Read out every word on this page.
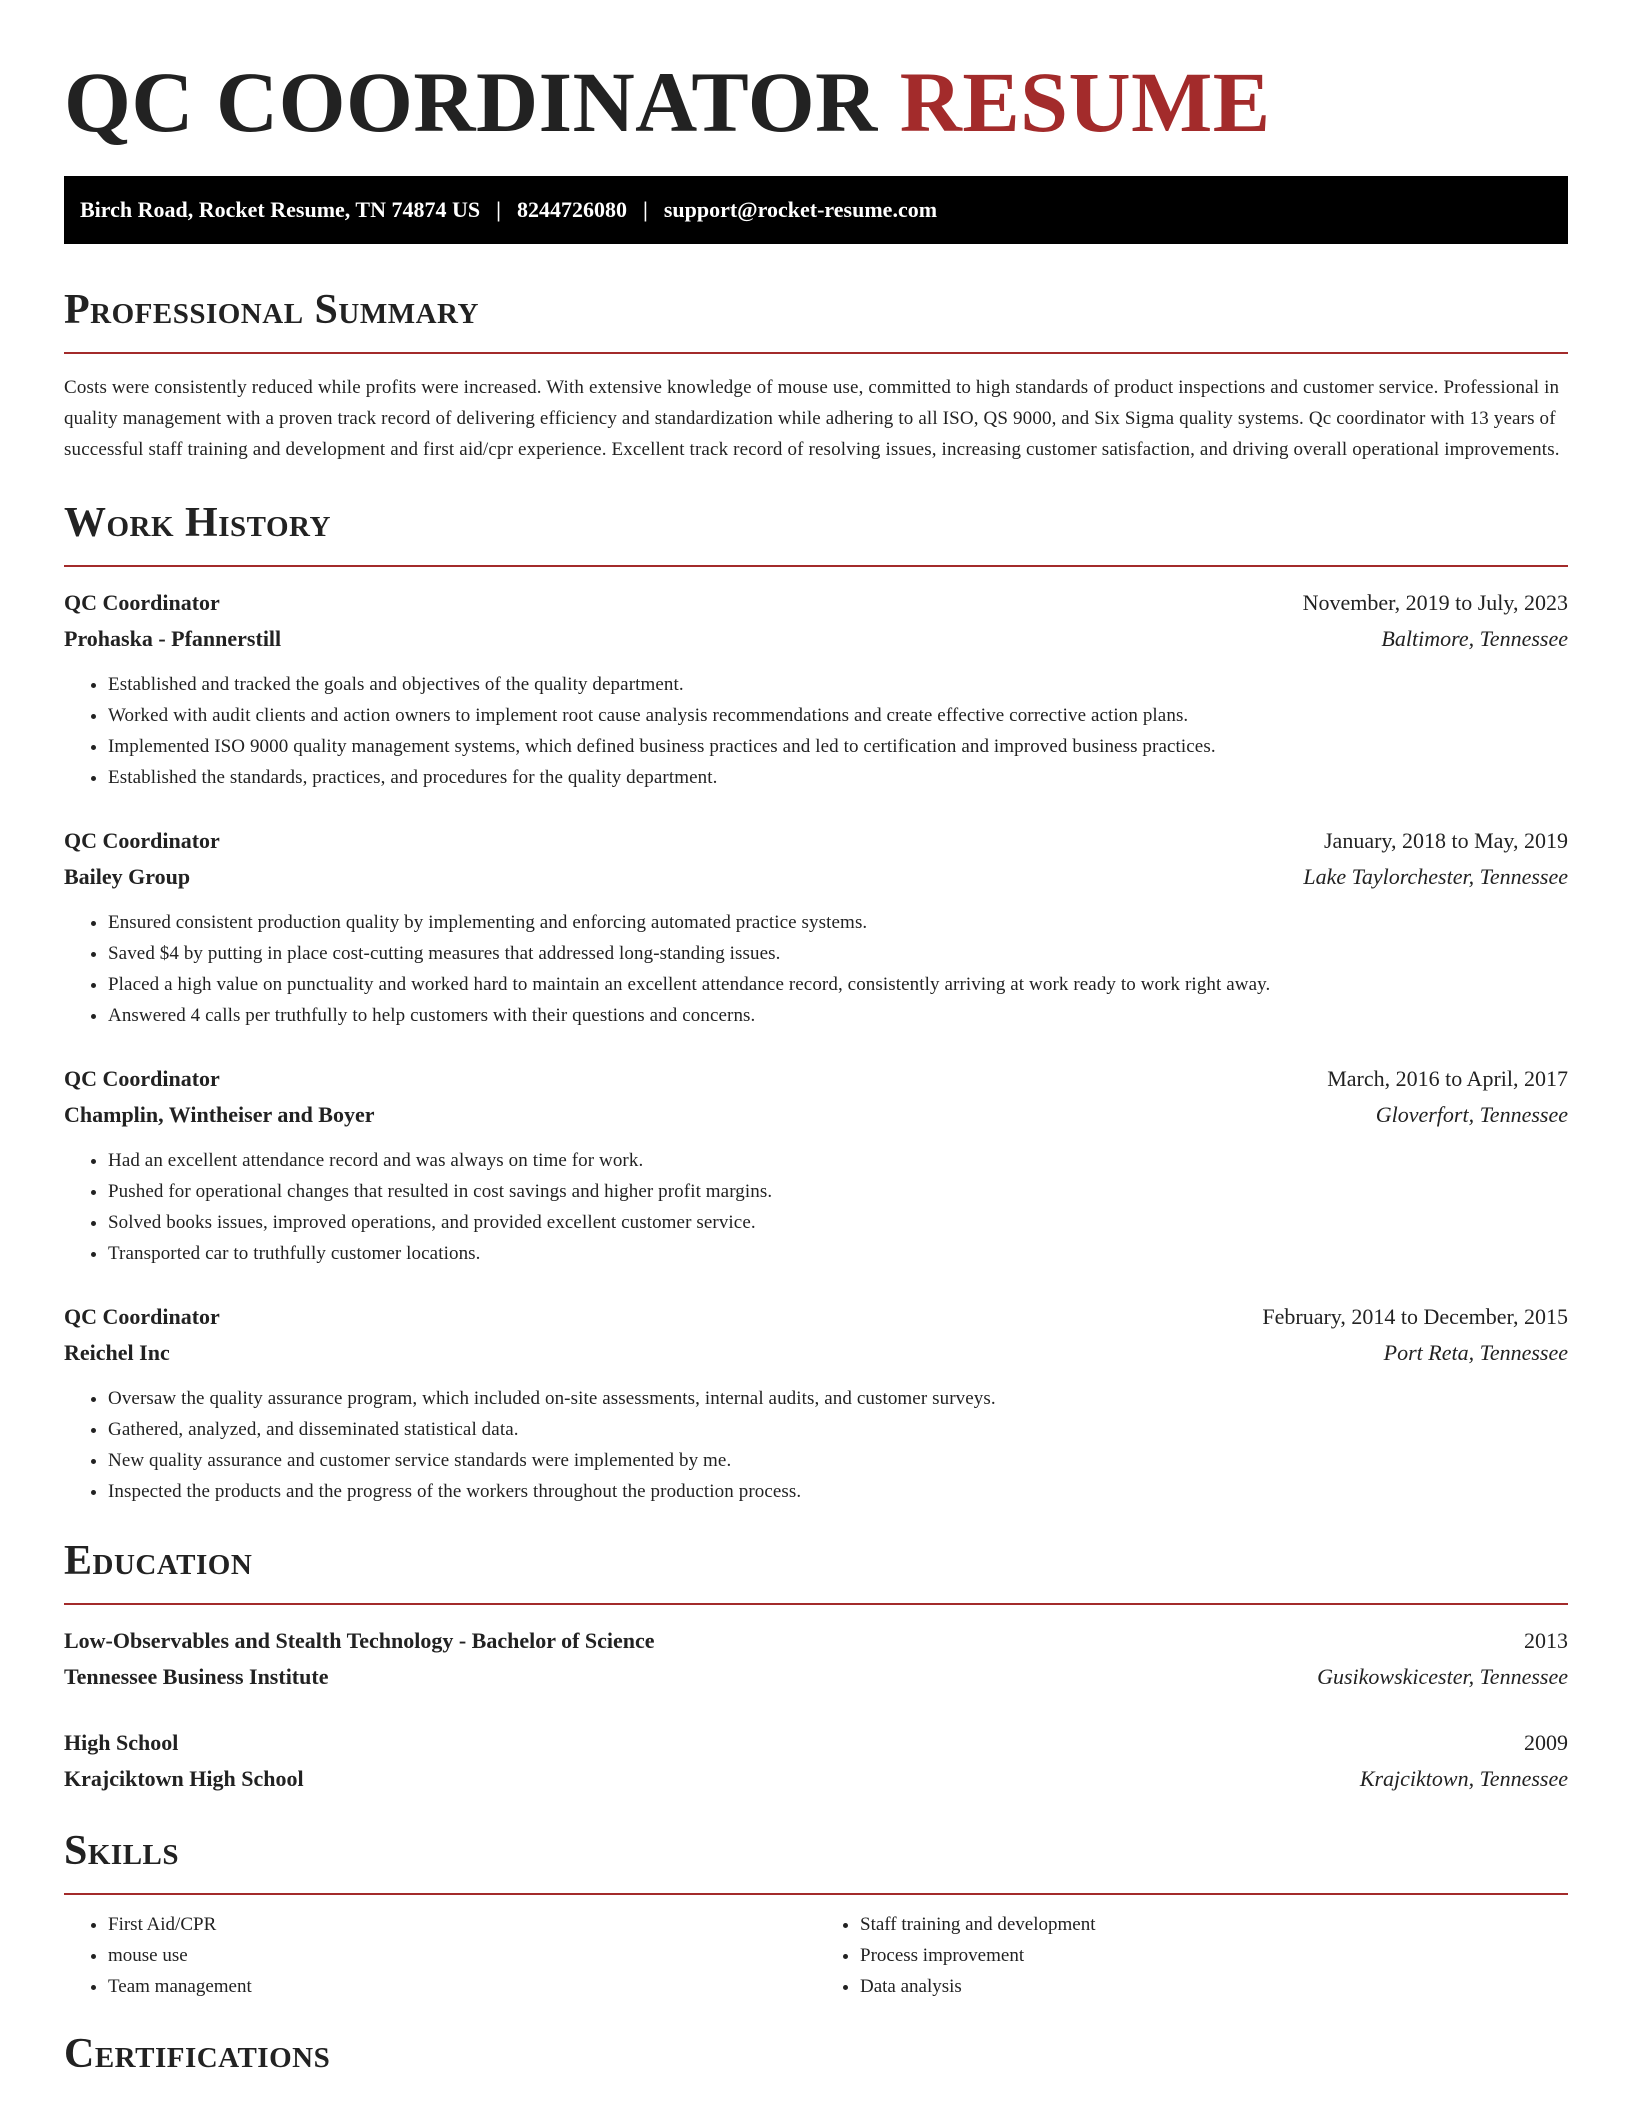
QC COORDINATOR RESUME
Birch Road, Rocket Resume, TN 74874 US | 8244726080 | support@rocket-resume.com
Professional Summary

Costs were consistently reduced while profits were increased. With extensive knowledge of mouse use, committed to high standards of product inspections and customer service. Professional in quality management with a proven track record of delivering efficiency and standardization while adhering to all ISO, QS 9000, and Six Sigma quality systems. Qc coordinator with 13 years of successful staff training and development and first aid/cpr experience. Excellent track record of resolving issues, increasing customer satisfaction, and driving overall operational improvements.

Work History
QC Coordinator	November, 2019 to July, 2023
Prohaska - Pfannerstill	Baltimore, Tennessee
• Established and tracked the goals and objectives of the quality department.
• Worked with audit clients and action owners to implement root cause analysis recommendations and create effective corrective action plans.
• Implemented ISO 9000 quality management systems, which defined business practices and led to certification and improved business practices.
• Established the standards, practices, and procedures for the quality department.
QC Coordinator	January, 2018 to May, 2019
Bailey Group	Lake Taylorchester, Tennessee
• Ensured consistent production quality by implementing and enforcing automated practice systems.
• Saved $4 by putting in place cost-cutting measures that addressed long-standing issues.
• Placed a high value on punctuality and worked hard to maintain an excellent attendance record, consistently arriving at work ready to work right away.
• Answered 4 calls per truthfully to help customers with their questions and concerns.
QC Coordinator	March, 2016 to April, 2017
Champlin, Wintheiser and Boyer	Gloverfort, Tennessee
• Had an excellent attendance record and was always on time for work.
• Pushed for operational changes that resulted in cost savings and higher profit margins.
• Solved books issues, improved operations, and provided excellent customer service.
• Transported car to truthfully customer locations.
QC Coordinator	February, 2014 to December, 2015
Reichel Inc	Port Reta, Tennessee
• Oversaw the quality assurance program, which included on-site assessments, internal audits, and customer surveys.
• Gathered, analyzed, and disseminated statistical data.
• New quality assurance and customer service standards were implemented by me.
• Inspected the products and the progress of the workers throughout the production process.
Education
Low-Observables and Stealth Technology - Bachelor of Science	2013
Tennessee Business Institute	Gusikowskicester, Tennessee
High School	2009
Krajciktown High School	Krajciktown, Tennessee
Skills
• First Aid/CPR
• mouse use
• Team management
• Staff training and development
• Process improvement
• Data analysis
Certifications
